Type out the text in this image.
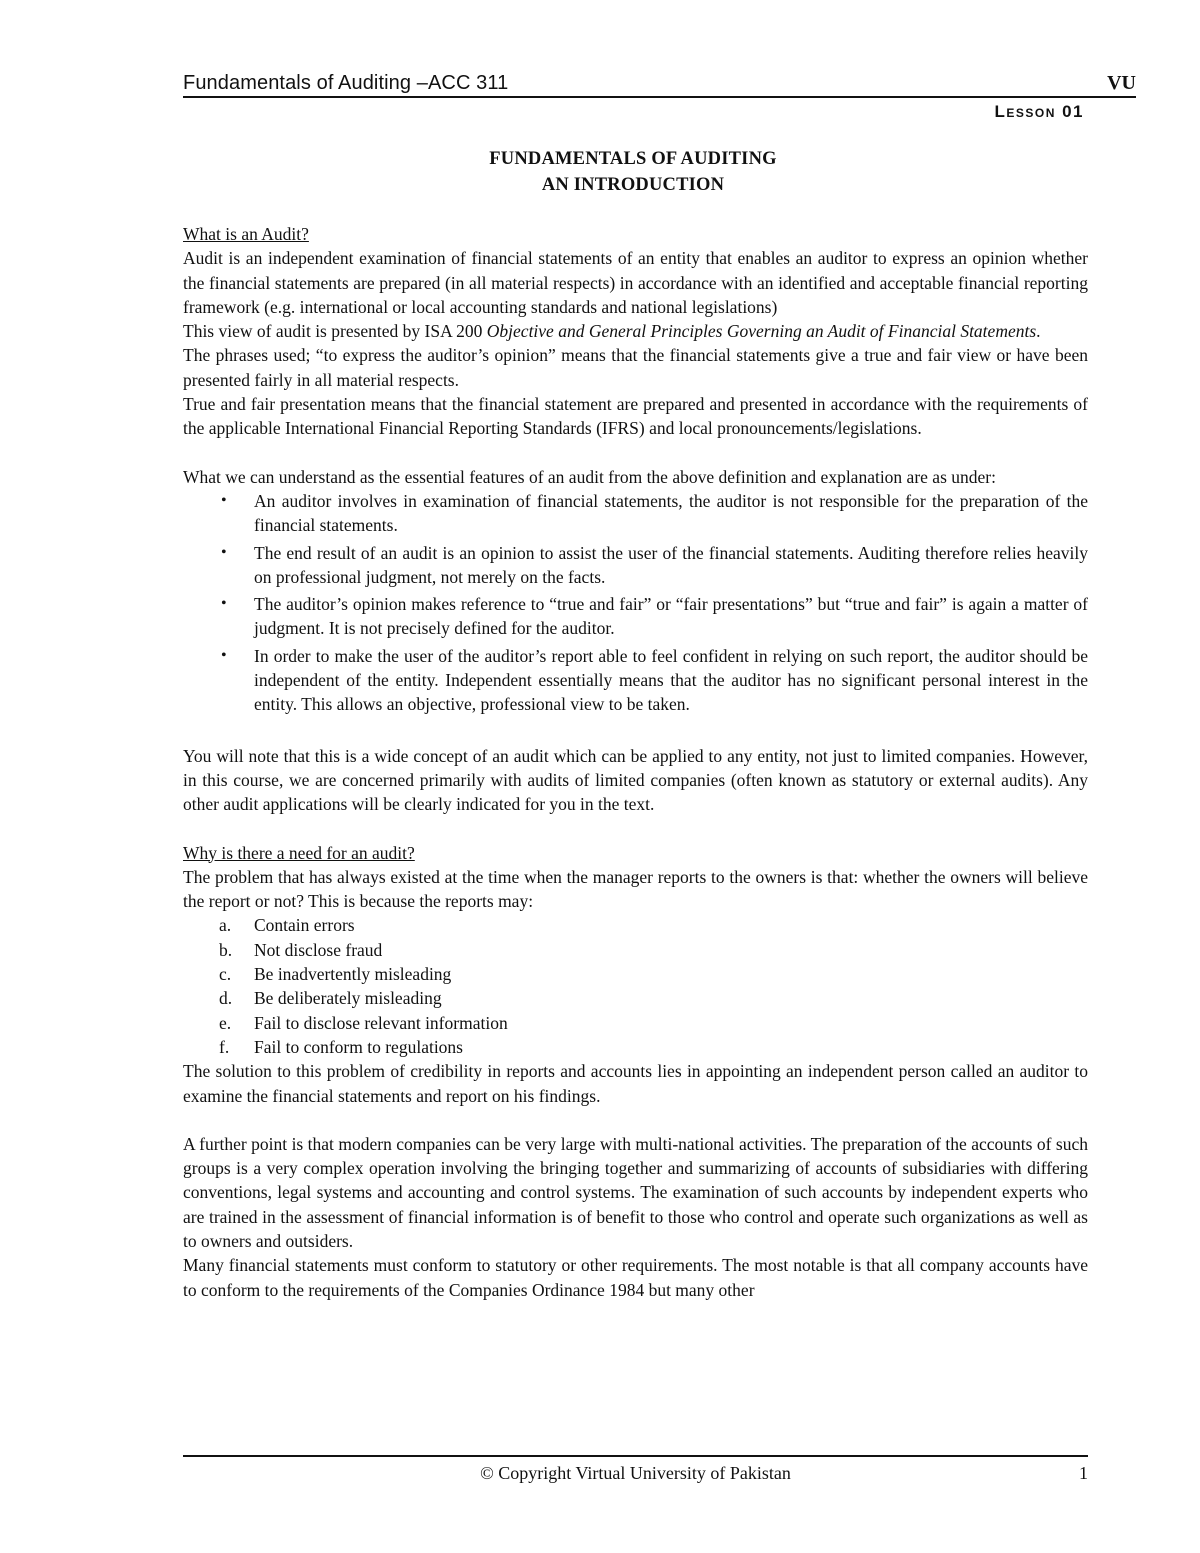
Fundamentals of Auditing –ACC 311	VU
Lesson 01
FUNDAMENTALS OF AUDITING
AN INTRODUCTION

What is an Audit?

Audit is an independent examination of financial statements of an entity that enables an auditor to express an opinion whether the financial statements are prepared (in all material respects) in accordance with an identified and acceptable financial reporting framework (e.g. international or local accounting standards and national legislations)

This view of audit is presented by ISA 200 Objective and General Principles Governing an Audit of Financial Statements.

The phrases used; “to express the auditor’s opinion” means that the financial statements give a true and fair view or have been presented fairly in all material respects.

True and fair presentation means that the financial statement are prepared and presented in accordance with the requirements of the applicable International Financial Reporting Standards (IFRS) and local pronouncements/legislations.

What we can understand as the essential features of an audit from the above definition and explanation are as under:

• An auditor involves in examination of financial statements, the auditor is not responsible for the preparation of the financial statements.
• The end result of an audit is an opinion to assist the user of the financial statements. Auditing therefore relies heavily on professional judgment, not merely on the facts.
• The auditor’s opinion makes reference to “true and fair” or “fair presentations” but “true and fair” is again a matter of judgment. It is not precisely defined for the auditor.
• In order to make the user of the auditor’s report able to feel confident in relying on such report, the auditor should be independent of the entity. Independent essentially means that the auditor has no significant personal interest in the entity. This allows an objective, professional view to be taken.

You will note that this is a wide concept of an audit which can be applied to any entity, not just to limited companies. However, in this course, we are concerned primarily with audits of limited companies (often known as statutory or external audits). Any other audit applications will be clearly indicated for you in the text.

Why is there a need for an audit?

The problem that has always existed at the time when the manager reports to the owners is that: whether the owners will believe the report or not? This is because the reports may:

a. Contain errors
b. Not disclose fraud
c. Be inadvertently misleading
d. Be deliberately misleading
e. Fail to disclose relevant information
f. Fail to conform to regulations

The solution to this problem of credibility in reports and accounts lies in appointing an independent person called an auditor to examine the financial statements and report on his findings.

A further point is that modern companies can be very large with multi-national activities. The preparation of the accounts of such groups is a very complex operation involving the bringing together and summarizing of accounts of subsidiaries with differing conventions, legal systems and accounting and control systems. The examination of such accounts by independent experts who are trained in the assessment of financial information is of benefit to those who control and operate such organizations as well as to owners and outsiders.

Many financial statements must conform to statutory or other requirements. The most notable is that all company accounts have to conform to the requirements of the Companies Ordinance 1984 but many other

© Copyright Virtual University of Pakistan	1
